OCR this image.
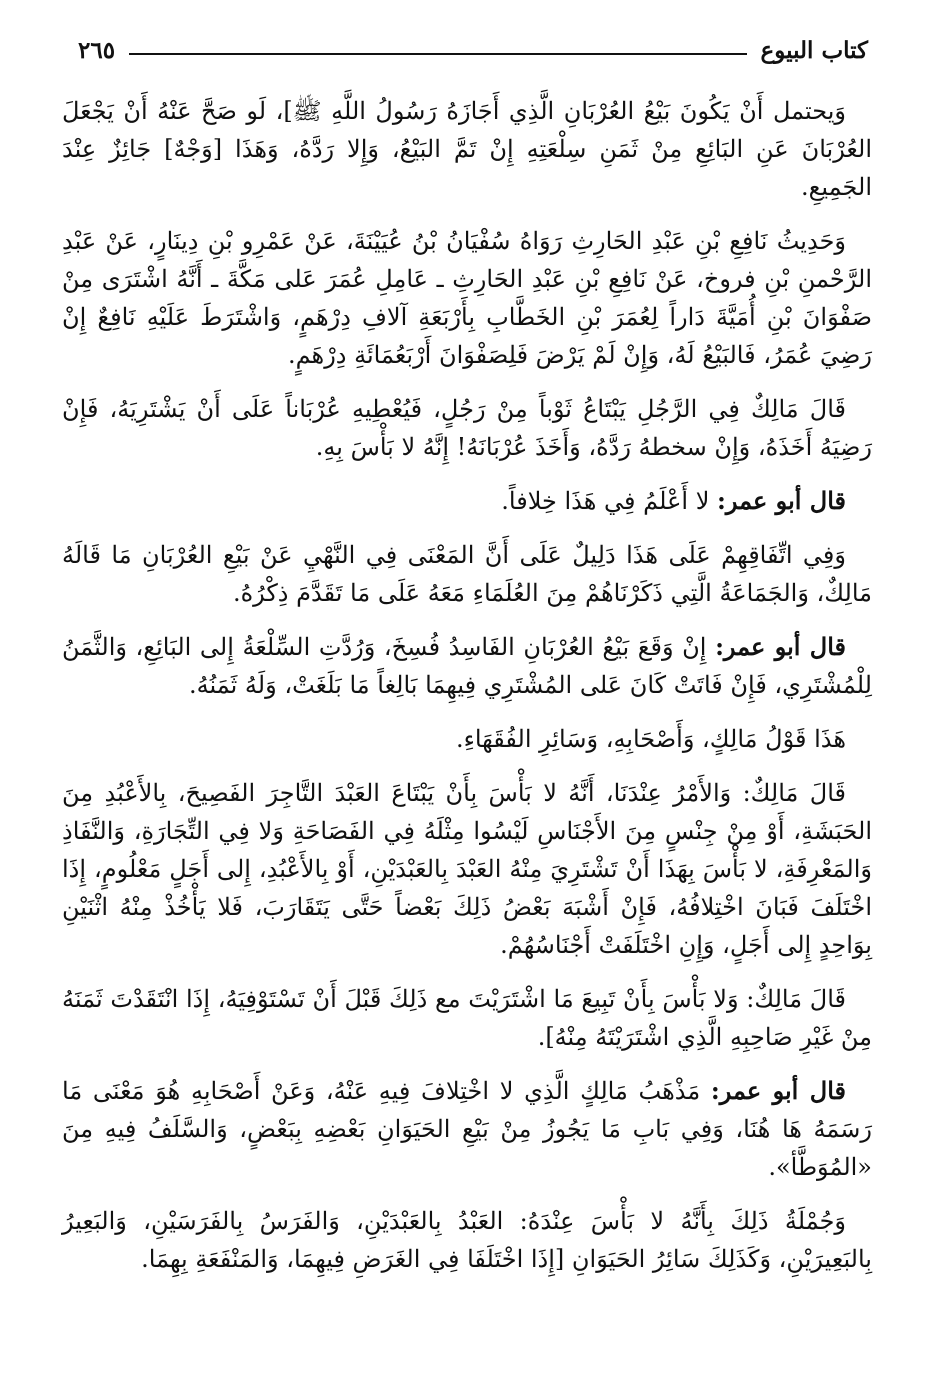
كتاب البيوع
٢٦٥

وَيحتمل أَنْ يَكُونَ بَيْعُ العُرْبَانِ الَّذِي أَجَازَهُ رَسُولُ اللَّهِ ﷺ]، لَو صَحَّ عَنْهُ أَنْ يَجْعَلَ العُرْبَانَ عَنِ البَائِعِ مِنْ ثَمَنِ سِلْعَتِهِ إِنْ تَمَّ البَيْعُ، وَإِلا رَدَّهُ، وَهَذَا [وَجْهٌ] جَائِزٌ عِنْدَ الجَمِيعِ.

وَحَدِيثُ نَافِعِ بْنِ عَبْدِ الحَارِثِ رَوَاهُ سُفْيَانُ بْنُ عُيَيْنَةَ، عَنْ عَمْرِو بْنِ دِينَارٍ، عَنْ عَبْدِ الرَّحْمنِ بْنِ فروخ، عَنْ نَافِعِ بْنِ عَبْدِ الحَارِثِ ـ عَامِلِ عُمَرَ عَلى مَكَّةَ ـ أَنَّهُ اشْتَرَى مِنْ صَفْوَانَ بْنِ أُمَيَّةَ دَاراً لِعُمَرَ بْنِ الخَطَّابِ بِأَرْبَعَةِ آلافِ دِرْهَمٍ، وَاشْتَرَطَ عَلَيْهِ نَافِعٌ إِنْ رَضِيَ عُمَرُ، فَالبَيْعُ لَهُ، وَإِنْ لَمْ يَرْضَ فَلِصَفْوَانَ أَرْبَعُمَائَةِ دِرْهَمٍ.

قَالَ مَالِكٌ فِي الرَّجُلِ يَبْتَاعُ ثَوْباً مِنْ رَجُلٍ، فَيُعْطِيهِ عُرْبَاناً عَلَى أَنْ يَشْتَرِيَهُ، فَإِنْ رَضِيَهُ أَخَذَهُ، وَإِنْ سخطهُ رَدَّهُ، وَأَخَذَ عُرْبَانَهُ! إِنَّهُ لا بَأْسَ بِهِ.

قال أبو عمر: لا أَعْلَمُ فِي هَذَا خِلافاً.

وَفِي اتِّفَاقِهِمْ عَلَى هَذَا دَلِيلٌ عَلَى أَنَّ المَعْنَى فِي النَّهْيِ عَنْ بَيْعِ العُرْبَانِ مَا قَالَهُ مَالِكٌ، وَالجَمَاعَةُ الَّتِي ذَكَرْنَاهُمْ مِنَ العُلَمَاءِ مَعَهُ عَلَى مَا تَقَدَّمَ ذِكْرُهُ.

قال أبو عمر: إِنْ وَقَعَ بَيْعُ العُرْبَانِ الفَاسِدُ فُسِخَ، وَرُدَّتِ السِّلْعَةُ إِلى البَائِعِ، وَالثَّمَنُ لِلْمُشْتَرِي، فَإِنْ فَاتَتْ كَانَ عَلى المُشْتَرِي فِيهِمَا بَالِغاً مَا بَلَغَتْ، وَلَهُ ثَمَنُهُ.

هَذَا قَوْلُ مَالِكٍ، وَأَصْحَابِهِ، وَسَائِرِ الفُقَهَاءِ.

قَالَ مَالِكٌ: وَالأَمْرُ عِنْدَنَا، أَنَّهُ لا بَأْسَ بِأَنْ يَبْتَاعَ العَبْدَ التَّاجِرَ الفَصِيحَ، بِالأَعْبُدِ مِنَ الحَبَشَةِ، أَوْ مِنْ جِنْسٍ مِنَ الأَجْنَاسِ لَيْسُوا مِثْلَهُ فِي الفَصَاحَةِ وَلا فِي التِّجَارَةِ، وَالنَّفَاذِ وَالمَعْرِفَةِ، لا بَأْسَ بِهَذَا أَنْ تَشْتَرِيَ مِنْهُ العَبْدَ بِالعَبْدَيْنِ، أَوْ بِالأَعْبُدِ، إِلى أَجَلٍ مَعْلُومٍ، إِذَا اخْتَلَفَ فَبَانَ اخْتِلافُهُ، فَإِنْ أَشْبَهَ بَعْضُ ذَلِكَ بَعْضاً حَتَّى يَتَقَارَبَ، فَلا يَأْخُذْ مِنْهُ اثْنَيْنِ بِوَاحِدٍ إِلى أَجَلٍ، وَإِنِ اخْتَلَفَتْ أَجْنَاسُهُمْ.

قَالَ مَالِكٌ: وَلا بَأْسَ بِأَنْ تَبِيعَ مَا اشْتَرَيْتَ مع ذَلِكَ قَبْلَ أَنْ تَسْتَوْفِيَهُ، إِذَا انْتَقَدْتَ ثَمَنَهُ مِنْ غَيْرِ صَاحِبِهِ الَّذِي اشْتَرَيْتَهُ مِنْهُ].

قال أبو عمر: مَذْهَبُ مَالِكٍ الَّذِي لا اخْتِلافَ فِيهِ عَنْهُ، وَعَنْ أَصْحَابِهِ هُوَ مَعْنَى مَا رَسَمَهُ هَا هُنَا، وَفِي بَابِ مَا يَجُوزُ مِنْ بَيْعِ الحَيَوَانِ بَعْضِهِ بِبَعْضٍ، وَالسَّلَفُ فِيهِ مِنَ «المُوَطَّأ».

وَجُمْلَةُ ذَلِكَ بِأَنَّهُ لا بَأْسَ عِنْدَهُ: العَبْدُ بِالعَبْدَيْنِ، وَالفَرَسُ بِالفَرَسَيْنِ، وَالبَعِيرُ بِالبَعِيرَيْنِ، وَكَذَلِكَ سَائِرُ الحَيَوَانِ [إِذَا اخْتَلَفَا فِي الغَرَضِ فِيهِمَا، وَالمَنْفَعَةِ بِهِمَا.
